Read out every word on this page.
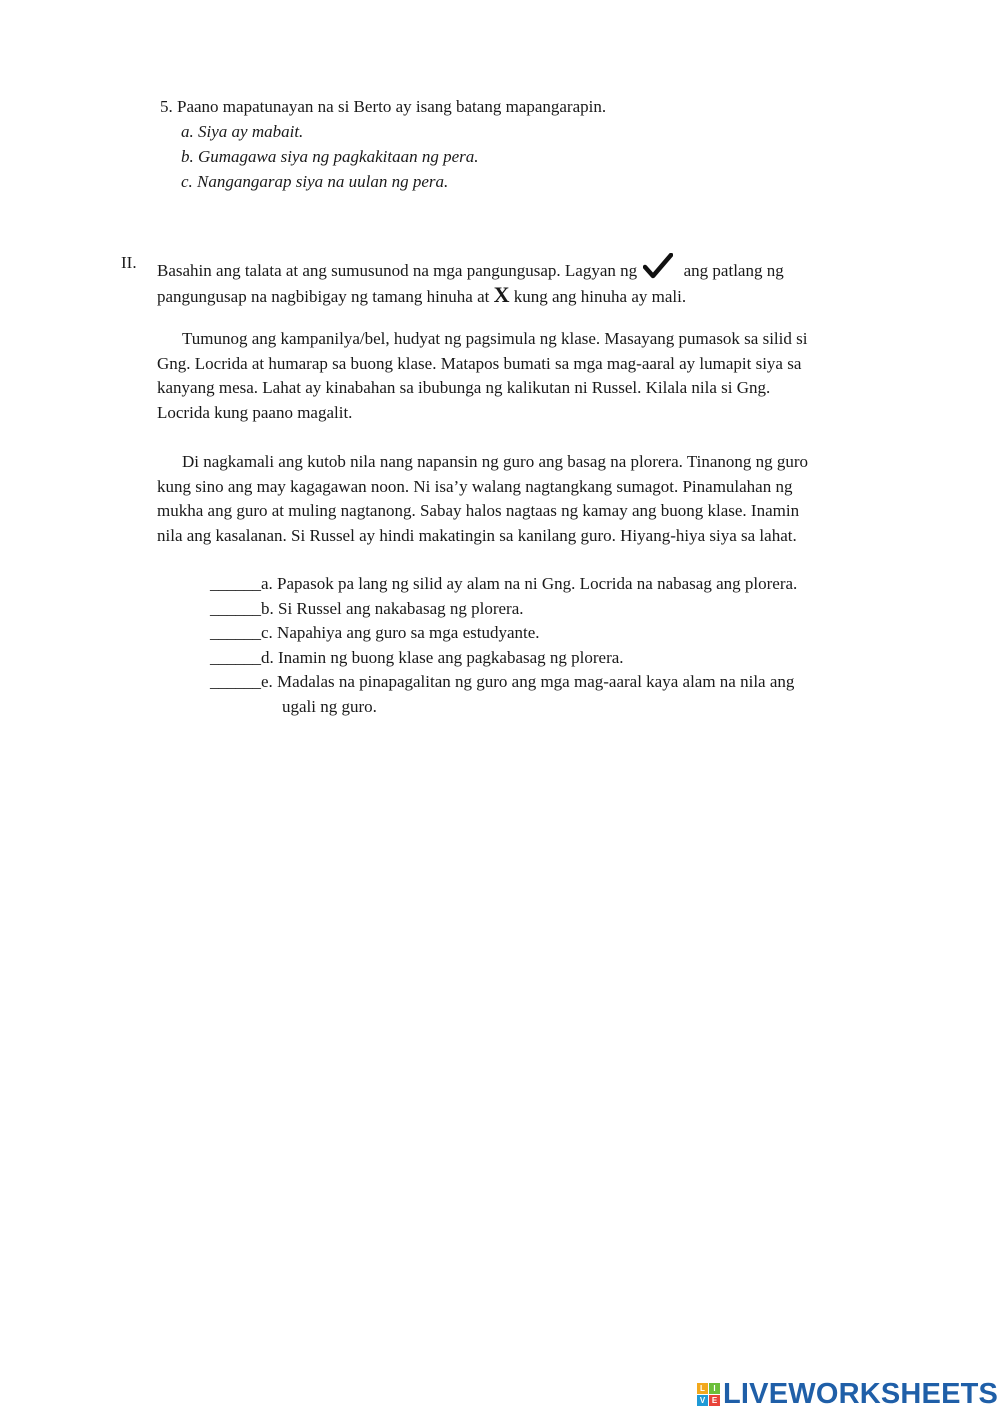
5. Paano mapatunayan na si Berto ay isang batang mapangarapin.
a. Siya ay mabait.
b. Gumagawa siya ng pagkakitaan ng pera.
c. Nangangarap siya na uulan ng pera.
II. Basahin ang talata at ang sumusunod na mga pangungusap. Lagyan ng	ang patlang ng
pangungusap na nagbibigay ng tamang hinuha at X kung ang hinuha ay mali.
Tumunog ang kampanilya/bel, hudyat ng pagsimula ng klase. Masayang pumasok sa silid si
Gng. Locrida at humarap sa buong klase. Matapos bumati sa mga mag-aaral ay lumapit siya sa
kanyang mesa. Lahat ay kinabahan sa ibubunga ng kalikutan ni Russel. Kilala nila si Gng.
Locrida kung paano magalit.
Di nagkamali ang kutob nila nang napansin ng guro ang basag na plorera. Tinanong ng guro
kung sino ang may kagagawan noon. Ni isa’y walang nagtangkang sumagot. Pinamulahan ng
mukha ang guro at muling nagtanong. Sabay halos nagtaas ng kamay ang buong klase. Inamin
nila ang kasalanan. Si Russel ay hindi makatingin sa kanilang guro. Hiyang-hiya siya sa lahat.
______a. Papasok pa lang ng silid ay alam na ni Gng. Locrida na nabasag ang plorera.
______b. Si Russel ang nakabasag ng plorera.
______c. Napahiya ang guro sa mga estudyante.
______d. Inamin ng buong klase ang pagkabasag ng plorera.
______e. Madalas na pinapagalitan ng guro ang mga mag-aaral kaya alam na nila ang
ugali ng guro.
L	I
V E LIVEWORKSHEETS
